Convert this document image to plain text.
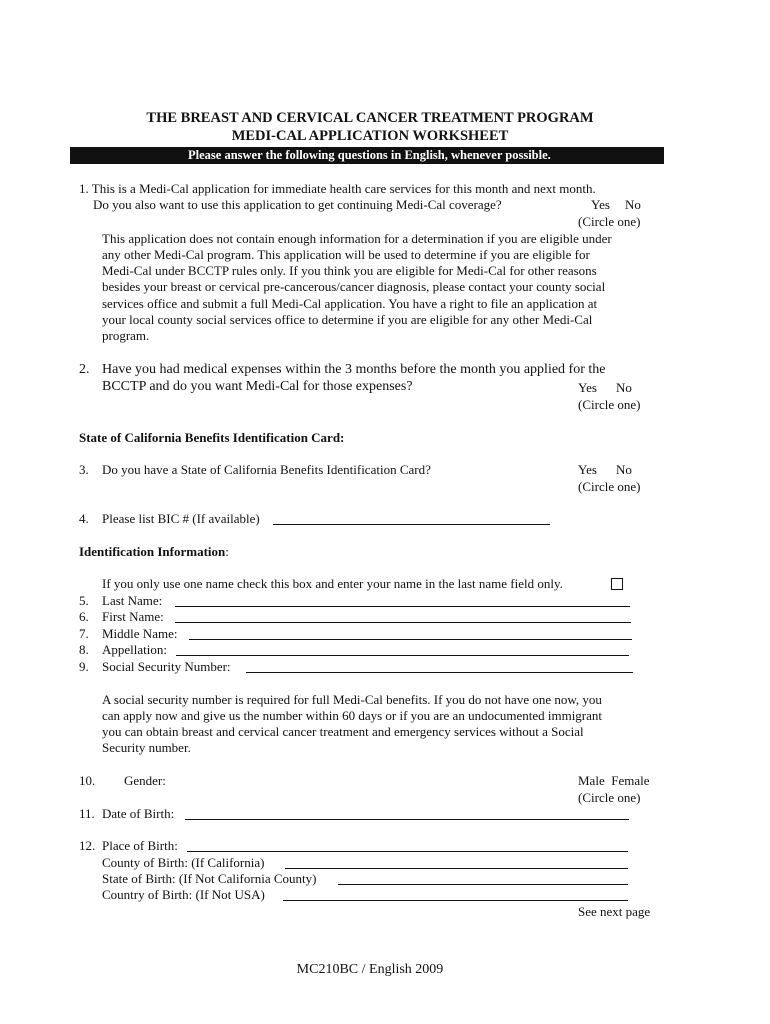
THE BREAST AND CERVICAL CANCER TREATMENT PROGRAM
MEDI-CAL APPLICATION WORKSHEET
Please answer the following questions in English, whenever possible.
1. This is a Medi-Cal application for immediate health care services for this month and next month.
Do you also want to use this application to get continuing Medi-Cal coverage?	Yes No
(Circle one)
This application does not contain enough information for a determination if you are eligible under
any other Medi-Cal program. This application will be used to determine if you are eligible for
Medi-Cal under BCCTP rules only. If you think you are eligible for Medi-Cal for other reasons
besides your breast or cervical pre-cancerous/cancer diagnosis, please contact your county social
services office and submit a full Medi-Cal application. You have a right to file an application at
your local county social services office to determine if you are eligible for any other Medi-Cal
program.
2. Have you had medical expenses within the 3 months before the month you applied for the
BCCTP and do you want Medi-Cal for those expenses?	Yes No
(Circle one)
State of California Benefits Identification Card:
3. Do you have a State of California Benefits Identification Card?	Yes No
(Circle one)
4. Please list BIC # (If available)
Identification Information:
If you only use one name check this box and enter your name in the last name field only.
5. Last Name:
6. First Name:
7. Middle Name:
8. Appellation:
9. Social Security Number:
A social security number is required for full Medi-Cal benefits. If you do not have one now, you
can apply now and give us the number within 60 days or if you are an undocumented immigrant
you can obtain breast and cervical cancer treatment and emergency services without a Social
Security number.
10. Gender:	Male  Female
(Circle one)
11. Date of Birth:
12. Place of Birth:
County of Birth: (If California)
State of Birth: (If Not California County)
Country of Birth: (If Not USA)
See next page
MC210BC / English 2009
